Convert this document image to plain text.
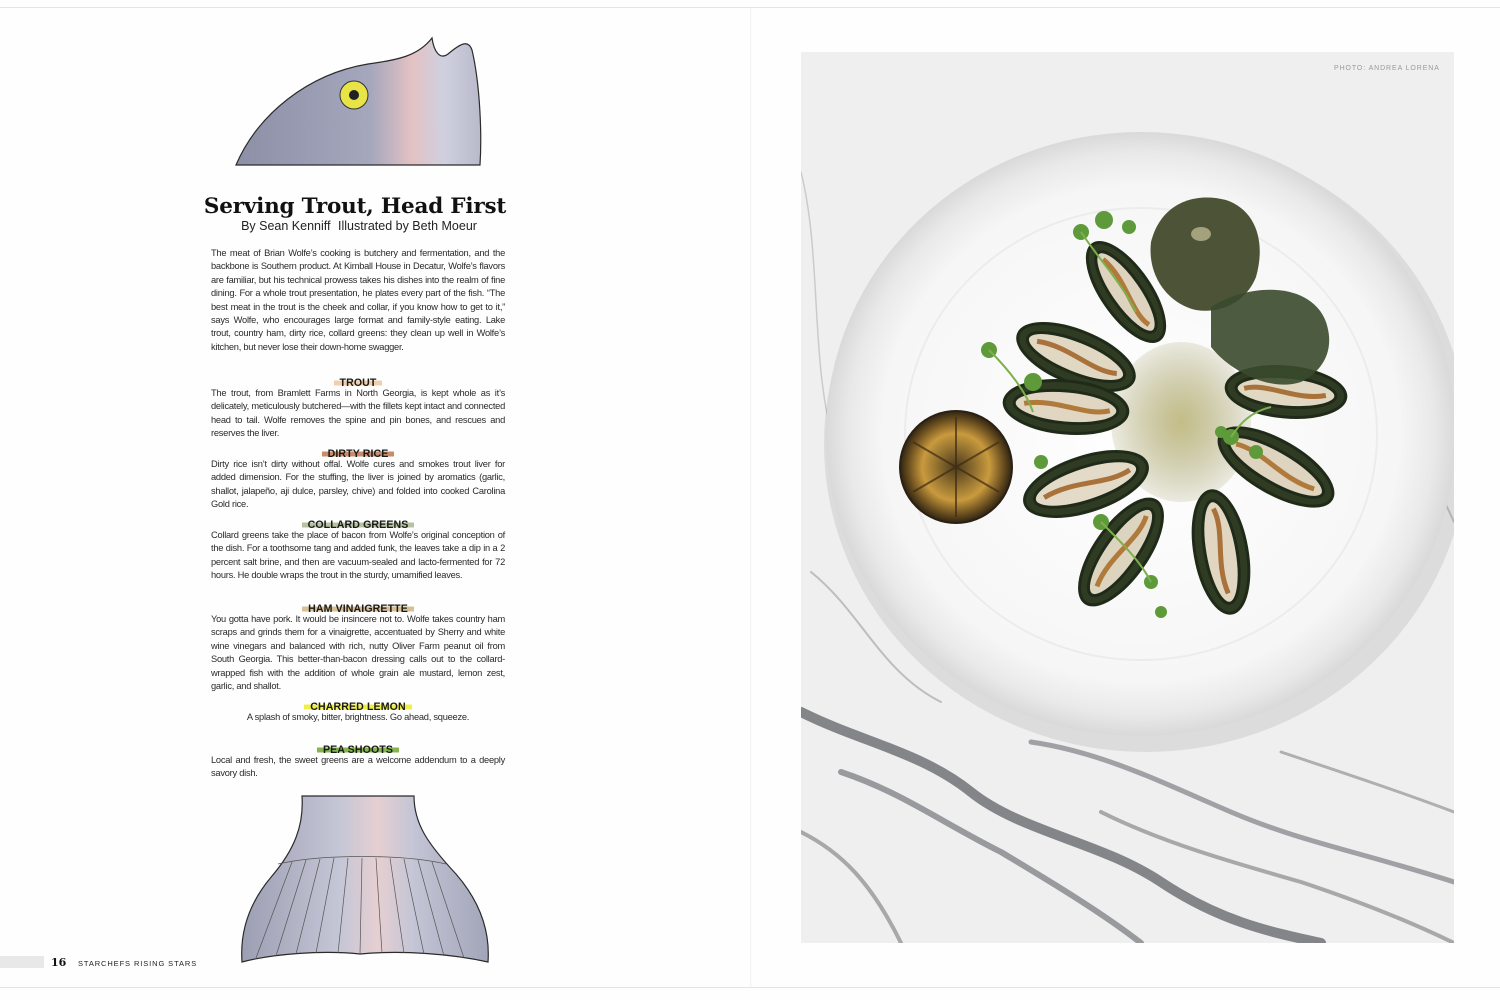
Serving Trout, Head First
By Sean Kenniff Illustrated by Beth Moeur

The meat of Brian Wolfe’s cooking is butchery and fermentation, and the backbone is Southern product. At Kimball House in Decatur, Wolfe’s flavors are familiar, but his technical prowess takes his dishes into the realm of fine dining. For a whole trout presentation, he plates every part of the fish. “The best meat in the trout is the cheek and collar, if you know how to get to it,” says Wolfe, who encourages large format and family-style eating. Lake trout, country ham, dirty rice, collard greens: they clean up well in Wolfe’s kitchen, but never lose their down-home swagger.

TROUT

The trout, from Bramlett Farms in North Georgia, is kept whole as it’s delicately, meticulously butchered—with the fillets kept intact and connected head to tail. Wolfe removes the spine and pin bones, and rescues and reserves the liver.

DIRTY RICE

Dirty rice isn’t dirty without offal. Wolfe cures and smokes trout liver for added dimension. For the stuffing, the liver is joined by aromatics (garlic, shallot, jalapeño, aji dulce, parsley, chive) and folded into cooked Carolina Gold rice.

COLLARD GREENS

Collard greens take the place of bacon from Wolfe’s original conception of the dish. For a toothsome tang and added funk, the leaves take a dip in a 2 percent salt brine, and then are vacuum-sealed and lacto-fermented for 72 hours. He double wraps the trout in the sturdy, umamified leaves.

HAM VINAIGRETTE

You gotta have pork. It would be insincere not to. Wolfe takes country ham scraps and grinds them for a vinaigrette, accentuated by Sherry and white wine vinegars and balanced with rich, nutty Oliver Farm peanut oil from South Georgia. This better-than-bacon dressing calls out to the collard-wrapped fish with the addition of whole grain ale mustard, lemon zest, garlic, and shallot.

CHARRED LEMON

A splash of smoky, bitter, brightness. Go ahead, squeeze.

PEA SHOOTS

Local and fresh, the sweet greens are a welcome addendum to a deeply savory dish.

16 STARCHEFS RISING STARS
PHOTO: ANDREA LORENA
